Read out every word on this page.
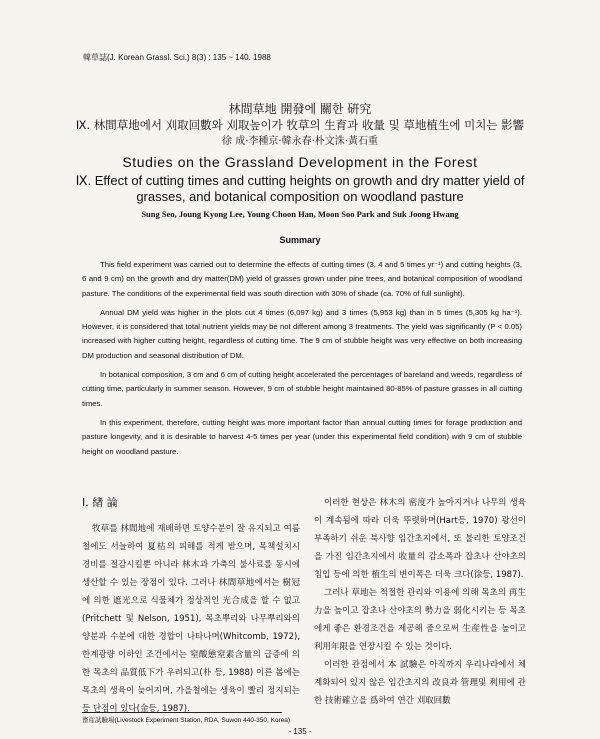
韓草誌(J. Korean Grassl. Sci.) 8(3) : 135 ~ 140. 1988
林間草地 開發에 關한 硏究
Ⅸ. 林間草地에서 刈取回數와 刈取높이가 牧草의 生育과 收量 및 草地植生에 미치는 影響
徐 成·李種京·韓永春·朴文洙·黃石重
Studies on the Grassland Development in the Forest
Ⅸ. Effect of cutting times and cutting heights on growth and dry matter yield of
grasses, and botanical composition on woodland pasture
Sung Seo, Joung Kyong Lee, Young Choon Han, Moon Soo Park and Suk Joong Hwang
Summary

This field experiment was carried out to determine the effects of cutting times (3, 4 and 5 times yr⁻¹) and cutting heights (3, 6 and 9 cm) on the growth and dry matter(DM) yield of grasses grown under pine trees, and botanical composition of woodland pasture. The conditions of the experimental field was south direction with 30% of shade (ca. 70% of full sunlight).

Annual DM yield was higher in the plots cut 4 times (6,097 kg) and 3 times (5,953 kg) than in 5 times (5,305 kg ha⁻¹). However, it is considered that total nutrient yields may be not different among 3 treatments. The yield was significantly (P < 0.05) increased with higher cutting height, regardless of cutting time. The 9 cm of stubble height was very effective on both increasing DM production and seasonal distribution of DM.

In botanical composition, 3 cm and 6 cm of cutting height accelerated the percentages of bareland and weeds, regardless of cutting time, particularly in summer season. However, 9 cm of stubble height maintained 80-85% of pasture grasses in all cutting times.

In this experiment, therefore, cutting height was more important factor than annual cutting times for forage production and pasture longevity, and it is desirable to harvest 4-5 times per year (under this experimental field condition) with 9 cm of stubble height on woodland pasture.

Ⅰ. 緖 論

牧草를 林間地에 재배하면 토양수분이 잘 유지되고 여름철에도 서늘하여 夏枯의 피해를 적게 받으며, 목책설치시 경비를 절감시킬뿐 아니라 林木과 가축의 불사료를 동시에 생산할 수 있는 장점이 있다. 그러나 林間草地에서는 樹冠에 의한 遮光으로 식물체가 정상적인 光合成을 할 수 없고(Pritchett 및 Nelson, 1951), 목초뿌리와 나무뿌리와의 양분과 수분에 대한 경합이 나타나며(Whitcomb, 1972), 한계광량 이하인 조건에서는 窒酸態窒素含量의 급증에 의한 목초의 品質低下가 우려되고(朴 등, 1988) 이른 봄에는 목초의 생육이 늦어지며, 가을철에는 생육이 빨리 정지되는 등 단점이 있다(金등, 1987).

이러한 현상은 林木의 密度가 높아지거나 나무의 생육이 계속됨에 따라 더욱 뚜렷하며(Hart등, 1970) 광선이 부족하기 쉬운 북사향 임간초지에서, 또 불리한 토양조건을 가진 임간초지에서 收量의 감소폭과 잡초나 산야초의 침입 등에 의한 植生의 변이폭은 더욱 크다(徐등, 1987).

그러나 草地는 적절한 관리와 이용에 의해 목초의 再生力을 높이고 잡초나 산야초의 勢力을 弱化시키는 등 목초에게 좋은 환경조건을 제공해 줌으로써 生産性을 높이고 利用年限을 연장시킬 수 있는 것이다.

이러한 관점에서 本 試驗은 아직까지 우리나라에서 체계화되어 있지 않은 임간초지의 改良과 管理및 利用에 관한 技術確立을 爲하여 연간 刈取回數

畜産試驗場(Livestock Experiment Station, RDA, Suwon 440-350, Korea)
- 135 -
